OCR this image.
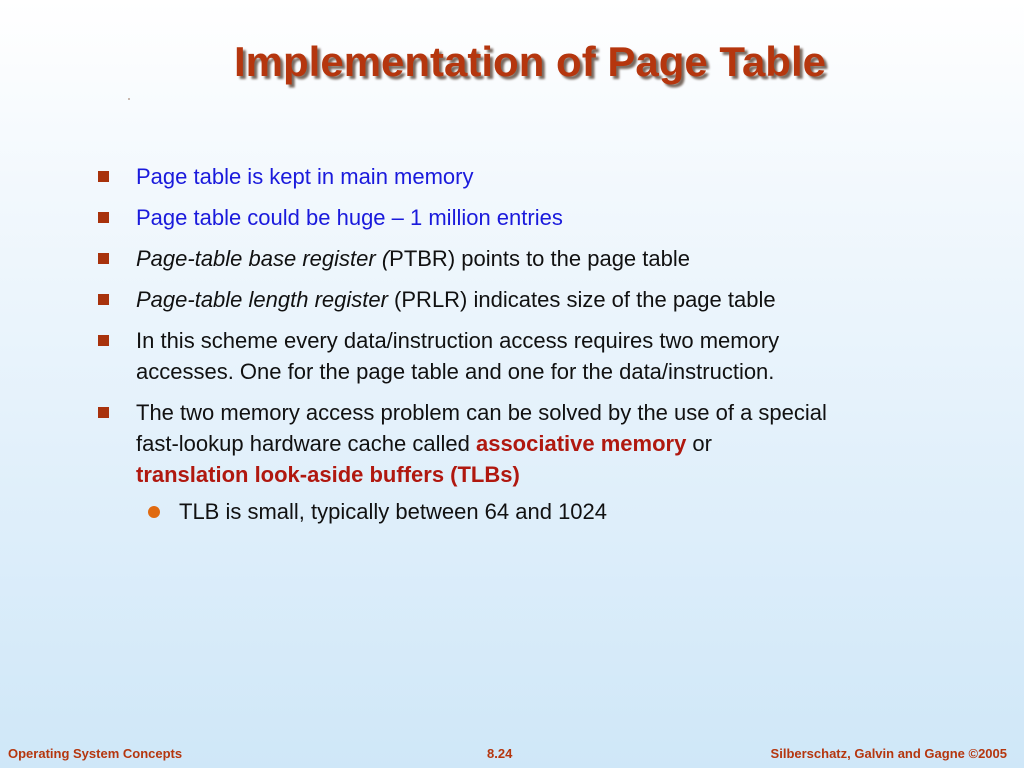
Implementation of Page Table
Page table is kept in main memory
Page table could be huge – 1 million entries
Page-table base register (PTBR) points to the page table
Page-table length register (PRLR) indicates size of the page table
In this scheme every data/instruction access requires two memory accesses. One for the page table and one for the data/instruction.
The two memory access problem can be solved by the use of a special fast-lookup hardware cache called associative memory or translation look-aside buffers (TLBs)
TLB is small, typically between 64 and 1024
Operating System Concepts	8.24	Silberschatz, Galvin and Gagne ©2005
